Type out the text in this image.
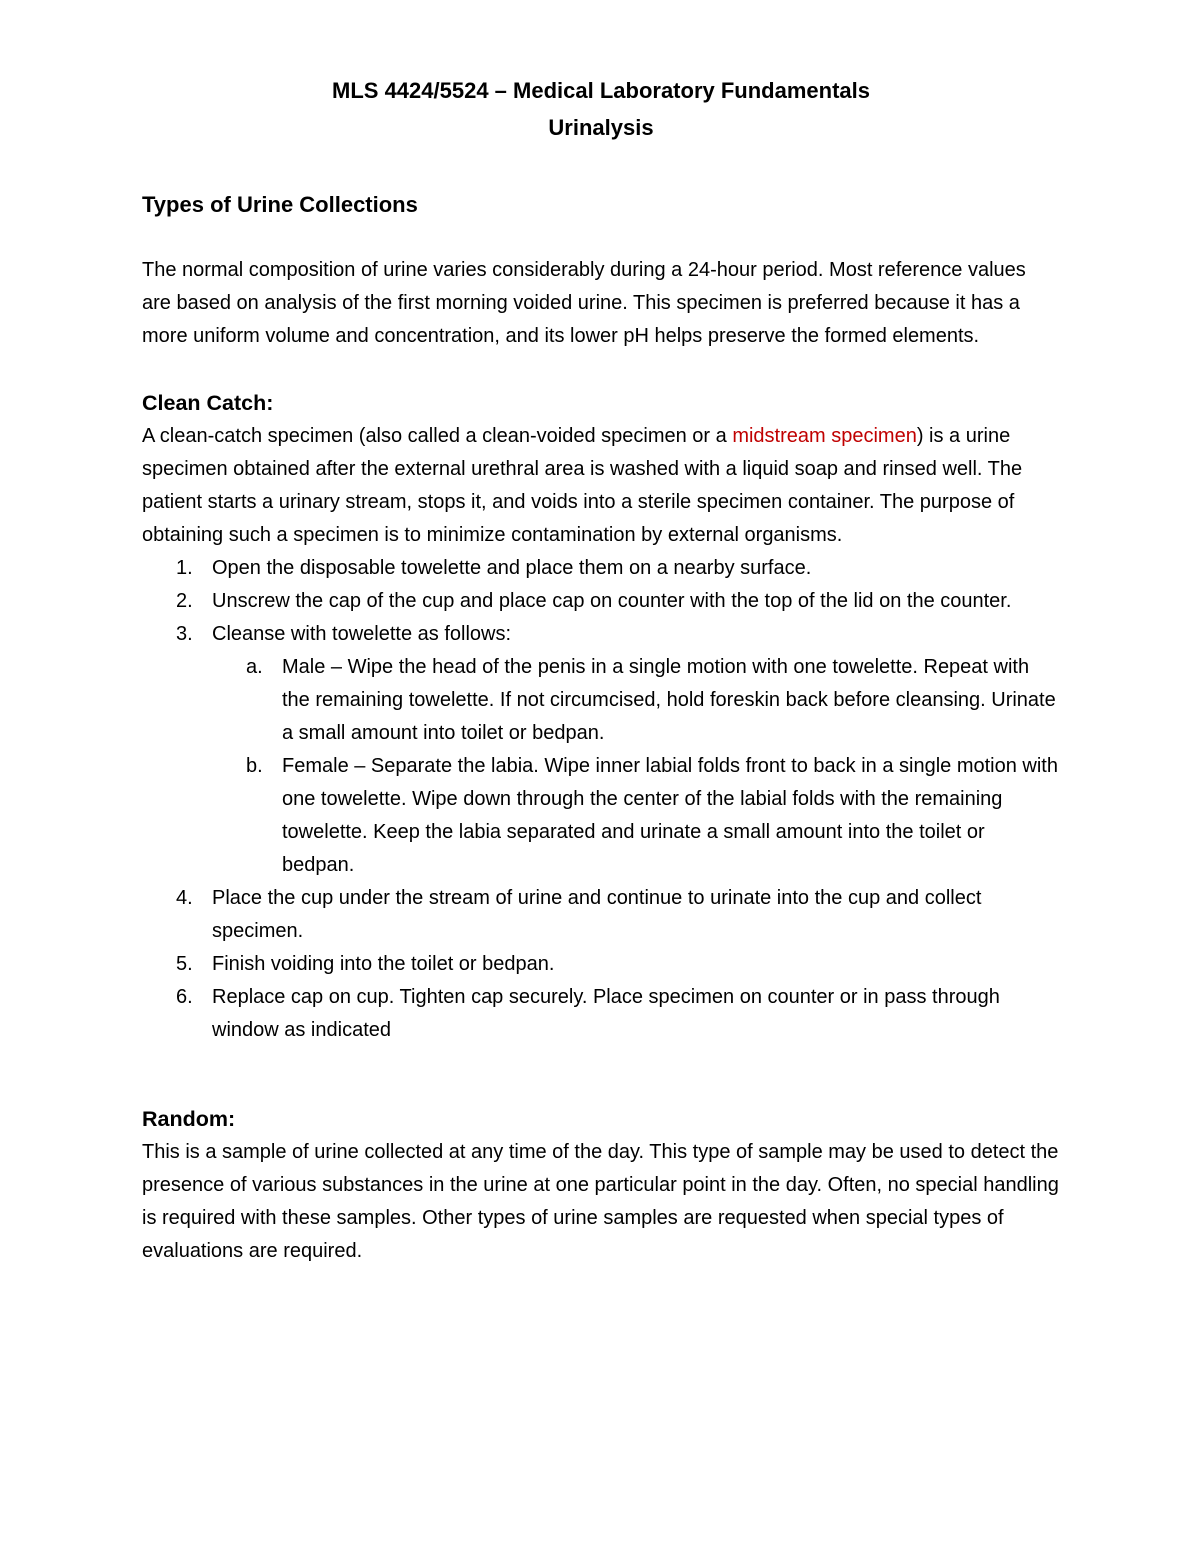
MLS 4424/5524 – Medical Laboratory Fundamentals

Urinalysis

Types of Urine Collections

The normal composition of urine varies considerably during a 24-hour period. Most reference values are based on analysis of the first morning voided urine. This specimen is preferred because it has a more uniform volume and concentration, and its lower pH helps preserve the formed elements.

Clean Catch:

A clean-catch specimen (also called a clean-voided specimen or a midstream specimen) is a urine specimen obtained after the external urethral area is washed with a liquid soap and rinsed well. The patient starts a urinary stream, stops it, and voids into a sterile specimen container. The purpose of obtaining such a specimen is to minimize contamination by external organisms.

1. Open the disposable towelette and place them on a nearby surface.
2. Unscrew the cap of the cup and place cap on counter with the top of the lid on the counter.
3. Cleanse with towelette as follows:
a. Male – Wipe the head of the penis in a single motion with one towelette. Repeat with the remaining towelette. If not circumcised, hold foreskin back before cleansing. Urinate a small amount into toilet or bedpan.
b. Female – Separate the labia. Wipe inner labial folds front to back in a single motion with one towelette. Wipe down through the center of the labial folds with the remaining towelette. Keep the labia separated and urinate a small amount into the toilet or bedpan.
4. Place the cup under the stream of urine and continue to urinate into the cup and collect specimen.
5. Finish voiding into the toilet or bedpan.
6. Replace cap on cup. Tighten cap securely. Place specimen on counter or in pass through window as indicated
Random:

This is a sample of urine collected at any time of the day. This type of sample may be used to detect the presence of various substances in the urine at one particular point in the day. Often, no special handling is required with these samples. Other types of urine samples are requested when special types of evaluations are required.
